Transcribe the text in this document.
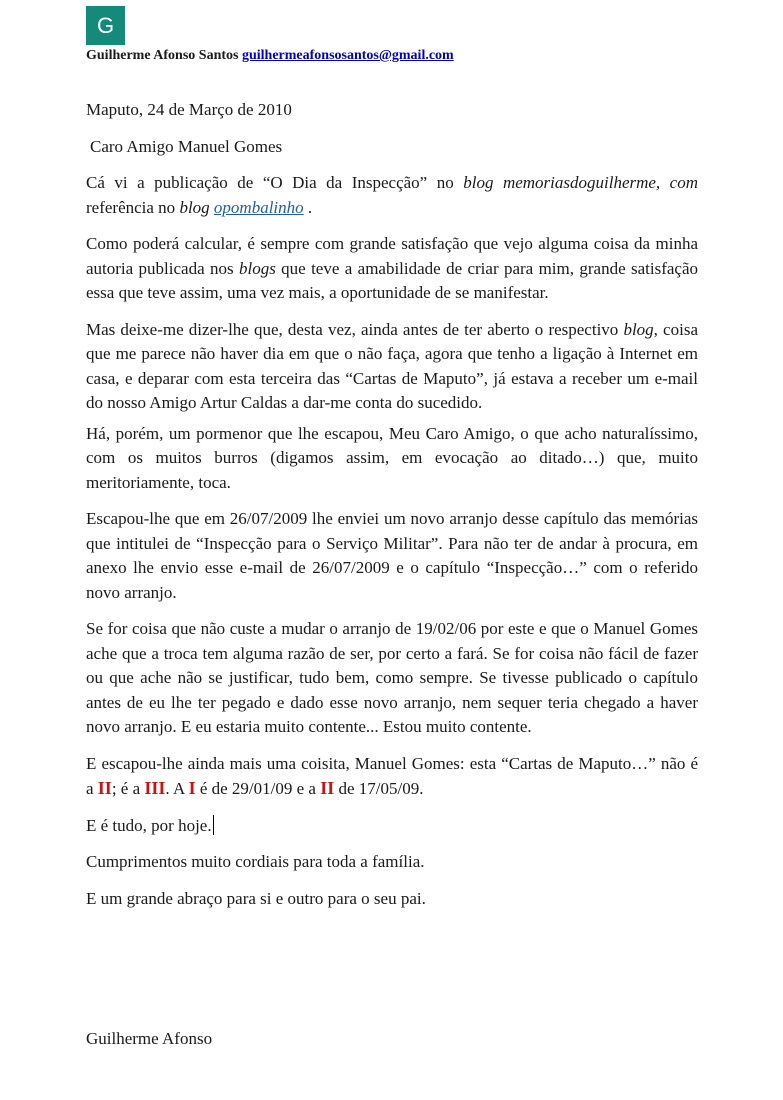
G
Guilherme Afonso Santos guilhermeafonsosantos@gmail.com

Maputo, 24 de Março de 2010

Caro Amigo Manuel Gomes

Cá vi a publicação de “O Dia da Inspecção” no blog memoriasdoguilherme, com referência no blog opombalinho .

Como poderá calcular, é sempre com grande satisfação que vejo alguma coisa da minha autoria publicada nos blogs que teve a amabilidade de criar para mim, grande satisfação essa que teve assim, uma vez mais, a oportunidade de se manifestar.

Mas deixe-me dizer-lhe que, desta vez, ainda antes de ter aberto o respectivo blog, coisa que me parece não haver dia em que o não faça, agora que tenho a ligação à Internet em casa, e deparar com esta terceira das “Cartas de Maputo”, já estava a receber um e-mail do nosso Amigo Artur Caldas a dar-me conta do sucedido.

Há, porém, um pormenor que lhe escapou, Meu Caro Amigo, o que acho naturalíssimo, com os muitos burros (digamos assim, em evocação ao ditado…) que, muito meritoriamente, toca.

Escapou-lhe que em 26/07/2009 lhe enviei um novo arranjo desse capítulo das memórias que intitulei de “Inspecção para o Serviço Militar”. Para não ter de andar à procura, em anexo lhe envio esse e-mail de 26/07/2009 e o capítulo “Inspecção…” com o referido novo arranjo.

Se for coisa que não custe a mudar o arranjo de 19/02/06 por este e que o Manuel Gomes ache que a troca tem alguma razão de ser, por certo a fará. Se for coisa não fácil de fazer ou que ache não se justificar, tudo bem, como sempre. Se tivesse publicado o capítulo antes de eu lhe ter pegado e dado esse novo arranjo, nem sequer teria chegado a haver novo arranjo. E eu estaria muito contente... Estou muito contente.

E escapou-lhe ainda mais uma coisita, Manuel Gomes: esta “Cartas de Maputo…” não é a II; é a III. A I é de 29/01/09 e a II de 17/05/09.

E é tudo, por hoje.

Cumprimentos muito cordiais para toda a família.

E um grande abraço para si e outro para o seu pai.

Guilherme Afonso
